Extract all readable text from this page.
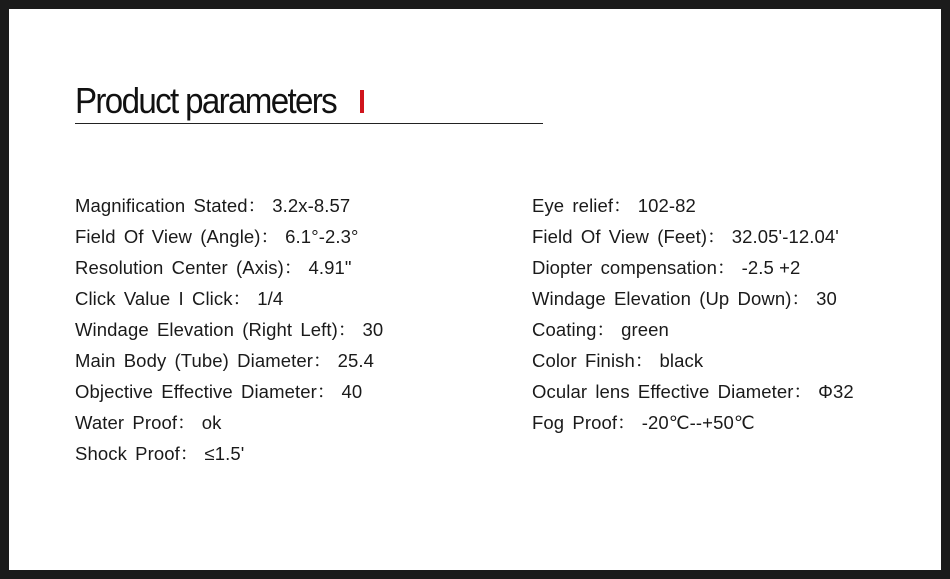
Product parameters
Magnification Stated： 3.2x-8.57
Field Of View (Angle)： 6.1°-2.3°
Resolution Center (Axis)： 4.91"
Click Value I Click： 1/4
Windage Elevation (Right Left)： 30
Main Body (Tube) Diameter： 25.4
Objective Effective Diameter： 40
Water Proof： ok
Shock Proof： ≤1.5'
Eye relief： 102-82
Field Of View (Feet)： 32.05'-12.04'
Diopter compensation： -2.5 +2
Windage Elevation (Up Down)： 30
Coating： green
Color Finish： black
Ocular lens Effective Diameter： Φ32
Fog Proof： -20℃--+50℃
